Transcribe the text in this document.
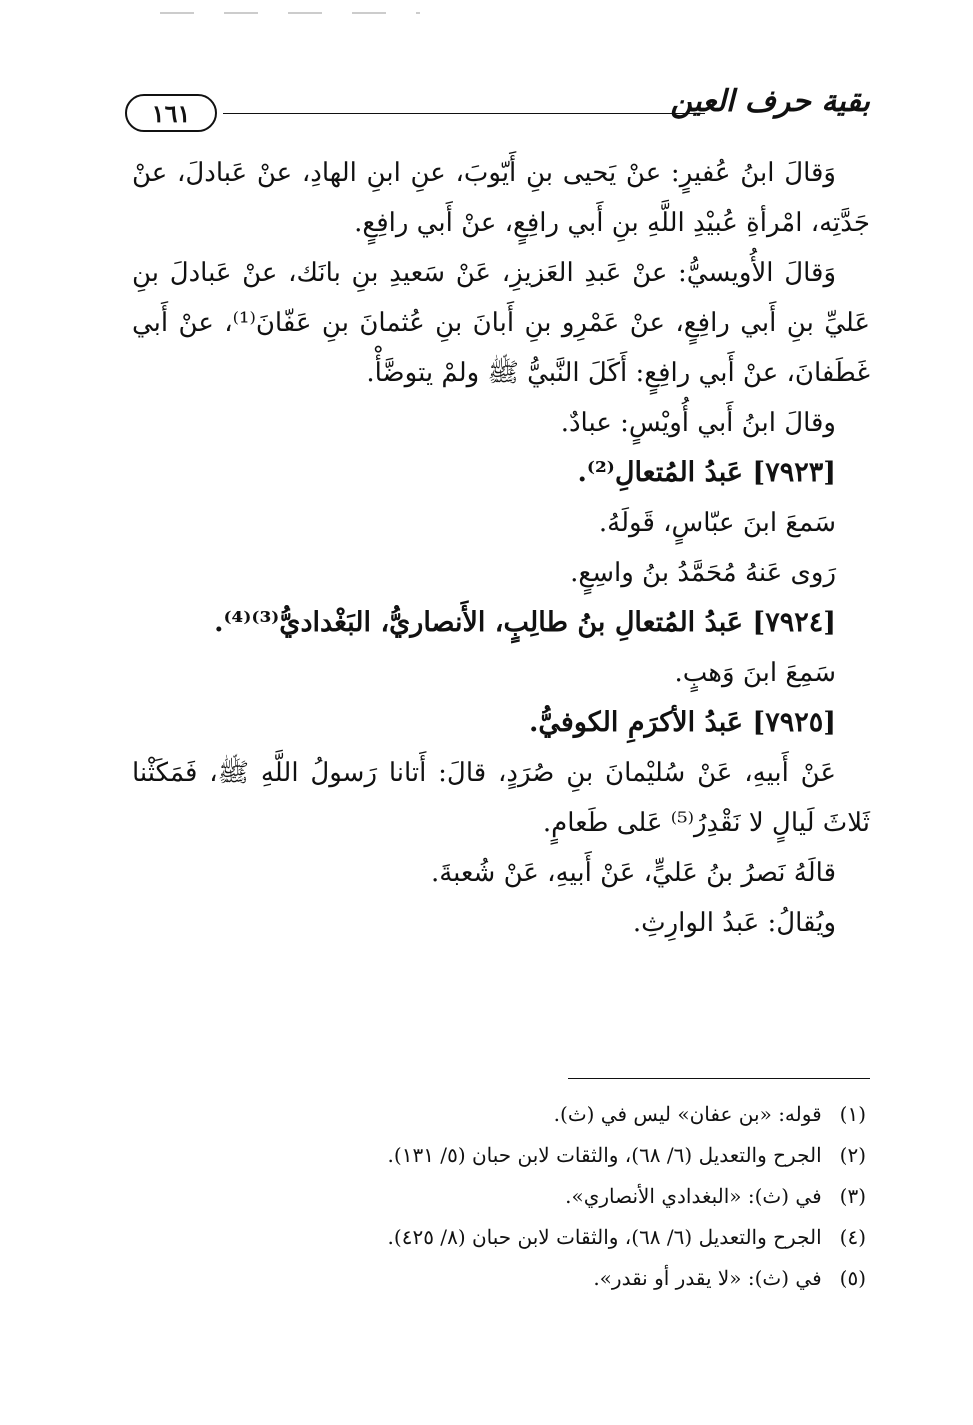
١٦١	بقية حرف العين

وَقالَ ابنُ عُفيرٍ: عنْ يَحيى بنِ أَيّوبَ، عنِ ابنِ الهادِ، عنْ عَبادلَ، عنْ جَدَّتِه، امْرأةِ عُبيْدِ اللَّهِ بنِ أَبي رافِعٍ، عنْ أَبي رافِعٍ.

وَقالَ الأُويسيُّ: عنْ عَبدِ العَزيزِ، عَنْ سَعيدِ بنِ بانَك، عنْ عَبادلَ بنِ عَليِّ بنِ أَبي رافِعٍ، عنْ عَمْرِو بنِ أَبانَ بنِ عُثمانَ بنِ عَفّانَ⁽¹⁾، عنْ أَبي غَطَفانَ، عنْ أَبي رافِعٍ: أَكَلَ النَّبيُّ ﷺ ولمْ يتوضَّأْ.

وقالَ ابنُ أَبي أُويْسٍ: عبادٌ.

[٧٩٢٣] عَبدُ المُتعالِ⁽²⁾.

سَمعَ ابنَ عبّاسٍ، قَولَهُ.

رَوى عَنهُ مُحَمَّدُ بنُ واسِعٍ.

[٧٩٢٤] عَبدُ المُتعالِ بنُ طالِبٍ، الأَنصاريُّ، البَغْداديُّ⁽³⁾⁽⁴⁾.

سَمِعَ ابنَ وَهبٍ.

[٧٩٢٥] عَبدُ الأكرَمِ الكوفيُّ.

عَنْ أَبيهِ، عَنْ سُليْمانَ بنِ صُرَدٍ، قالَ: أَتانا رَسولُ اللَّهِ ﷺ، فَمَكَثْنا ثَلاثَ لَيالٍ لا نَقْدِرُ⁽⁵⁾ عَلى طَعامٍ.

قالَهُ نَصرُ بنُ عَليٍّ، عَنْ أَبيهِ، عَنْ شُعبةَ.

ويُقالُ: عَبدُ الوارِثِ.

(١) قوله: «بن عفان» ليس في (ث).

(٢) الجرح والتعديل (٦/ ٦٨)، والثقات لابن حبان (٥/ ١٣١).

(٣) في (ث): «البغدادي الأنصاري».

(٤) الجرح والتعديل (٦/ ٦٨)، والثقات لابن حبان (٨/ ٤٢٥).

(٥) في (ث): «لا يقدر أو نقدر».
